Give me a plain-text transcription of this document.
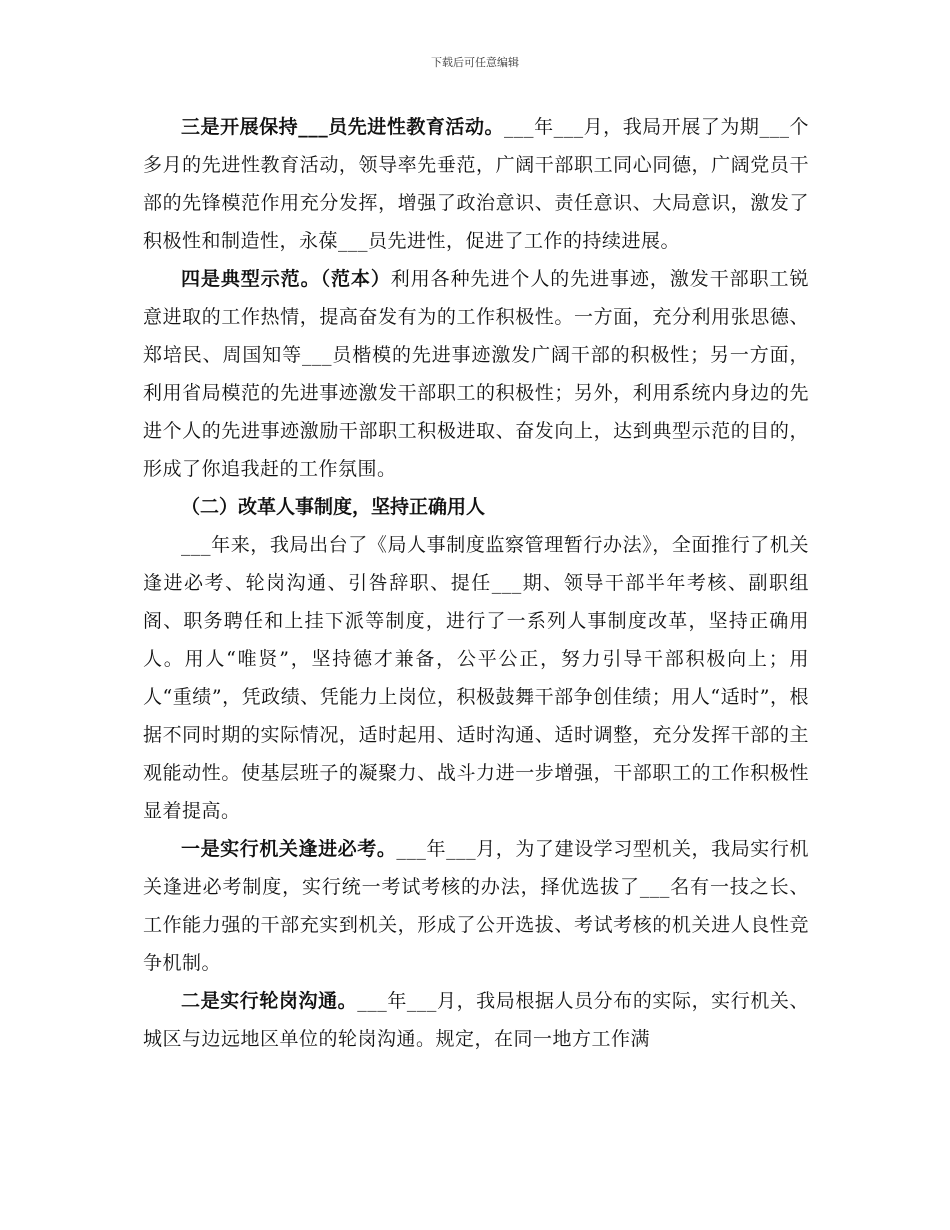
下载后可任意编辑

三是开展保持___员先进性教育活动。___年___月，我局开展了为期___个多月的先进性教育活动，领导率先垂范，广阔干部职工同心同德，广阔党员干部的先锋模范作用充分发挥，增强了政治意识、责任意识、大局意识，激发了积极性和制造性，永葆___员先进性，促进了工作的持续进展。

四是典型示范。（范本）利用各种先进个人的先进事迹，激发干部职工锐意进取的工作热情，提高奋发有为的工作积极性。一方面，充分利用张思德、郑培民、周国知等___员楷模的先进事迹激发广阔干部的积极性；另一方面，利用省局模范的先进事迹激发干部职工的积极性；另外，利用系统内身边的先进个人的先进事迹激励干部职工积极进取、奋发向上，达到典型示范的目的，形成了你追我赶的工作氛围。

（二）改革人事制度，坚持正确用人

___年来，我局出台了《局人事制度监察管理暂行办法》，全面推行了机关逢进必考、轮岗沟通、引咎辞职、提任___期、领导干部半年考核、副职组阁、职务聘任和上挂下派等制度，进行了一系列人事制度改革，坚持正确用人。用人“唯贤”，坚持德才兼备，公平公正，努力引导干部积极向上；用人“重绩”，凭政绩、凭能力上岗位，积极鼓舞干部争创佳绩；用人“适时”，根据不同时期的实际情况，适时起用、适时沟通、适时调整，充分发挥干部的主观能动性。使基层班子的凝聚力、战斗力进一步增强，干部职工的工作积极性显着提高。

一是实行机关逢进必考。___年___月，为了建设学习型机关，我局实行机关逢进必考制度，实行统一考试考核的办法，择优选拔了___名有一技之长、工作能力强的干部充实到机关，形成了公开选拔、考试考核的机关进人良性竞争机制。

二是实行轮岗沟通。___年___月，我局根据人员分布的实际，实行机关、城区与边远地区单位的轮岗沟通。规定，在同一地方工作满
